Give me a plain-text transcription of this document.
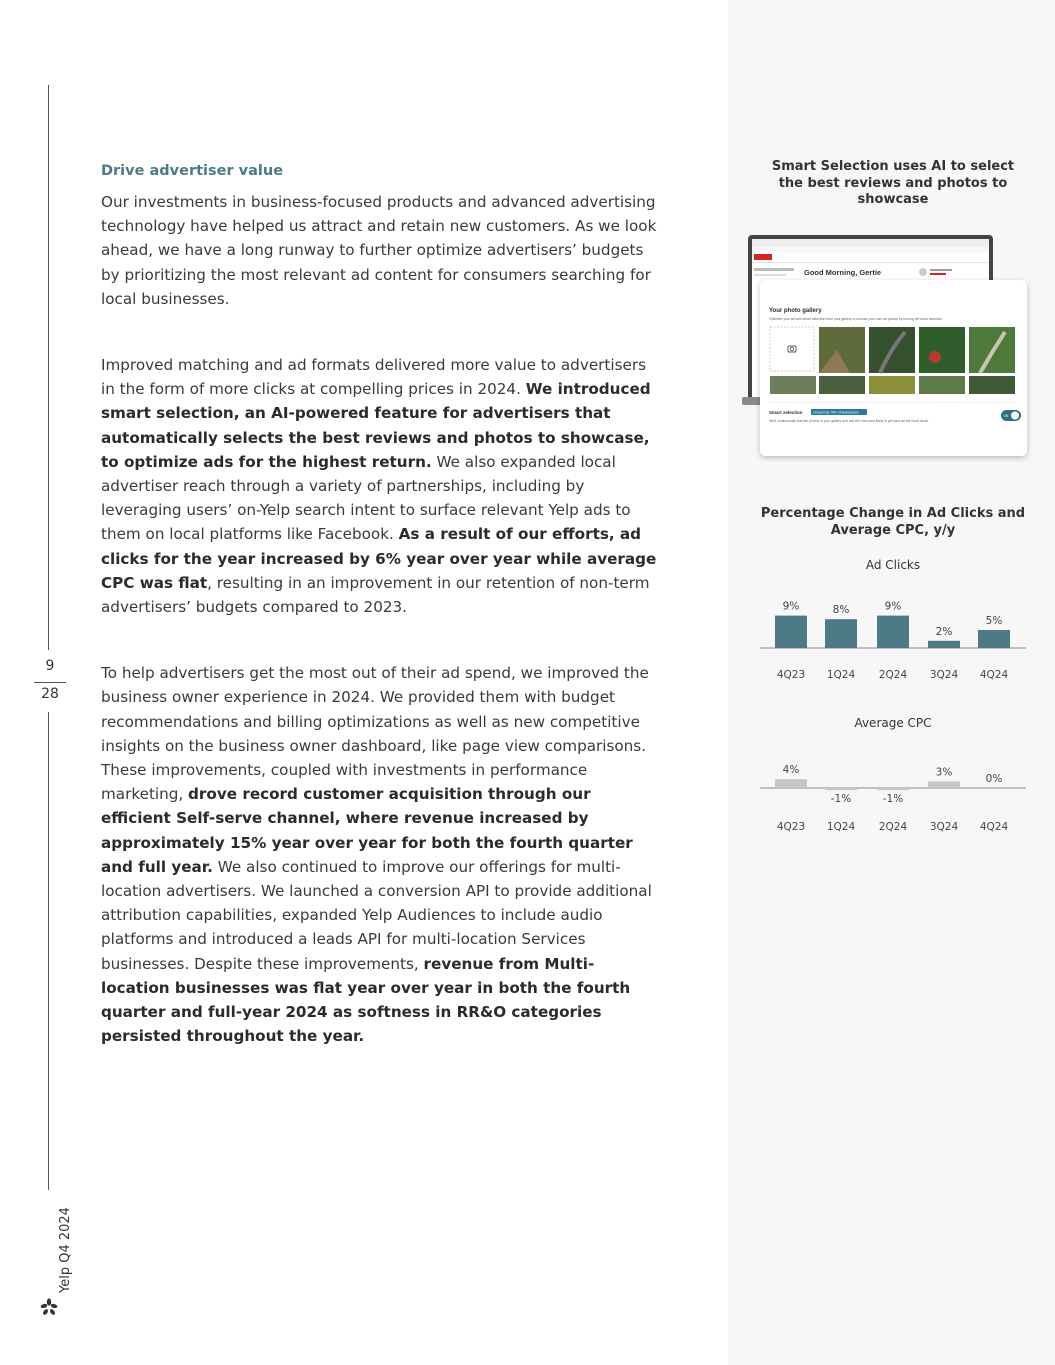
9
28
Yelp Q4 2024
Drive advertiser value

Our investments in business-focused products and advanced advertising technology have helped us attract and retain new customers. As we look ahead, we have a long runway to further optimize advertisers’ budgets by prioritizing the most relevant ad content for consumers searching for local businesses.

Improved matching and ad formats delivered more value to advertisers in the form of more clicks at compelling prices in 2024. We introduced smart selection, an AI-powered feature for advertisers that automatically selects the best reviews and photos to showcase, to optimize ads for the highest return. We also expanded local advertiser reach through a variety of partnerships, including by leveraging users’ on-Yelp search intent to surface relevant Yelp ads to them on local platforms like Facebook. As a result of our efforts, ad clicks for the year increased by 6% year over year while average CPC was flat, resulting in an improvement in our retention of non-term advertisers’ budgets compared to 2023.

To help advertisers get the most out of their ad spend, we improved the business owner experience in 2024. We provided them with budget recommendations and billing optimizations as well as new competitive insights on the business owner dashboard, like page view comparisons. These improvements, coupled with investments in performance marketing, drove record customer acquisition through our efficient Self-serve channel, where revenue increased by approximately 15% year over year for both the fourth quarter and full year. We also continued to improve our offerings for multi-location advertisers. We launched a conversion API to provide additional attribution capabilities, expanded Yelp Audiences to include audio platforms and introduced a leads API for multi-location Services businesses. Despite these improvements, revenue from Multi-location businesses was flat year over year in both the fourth quarter and full-year 2024 as softness in RR&O categories persisted throughout the year.

Smart Selection uses AI to select the best reviews and photos to showcase
Good Morning, Gertie
Your photo gallery
Optimize your ad with smart selection from your gallery or choose your own ad photos by turning off smart selection.
Smart selection	Chosen by 79% of businesses
We'll continuously test the photos in your gallery and use the one most likely to get your ad the most clicks.
ON
Percentage Change in Ad Clicks and Average CPC, y/y
Ad Clicks
Average CPC
9%
4Q23
8%
1Q24
9%
2Q24
2%
3Q24
5%
4Q24
4%
4Q23
-1%
1Q24
-1%
2Q24
3%
3Q24
0%
4Q24
